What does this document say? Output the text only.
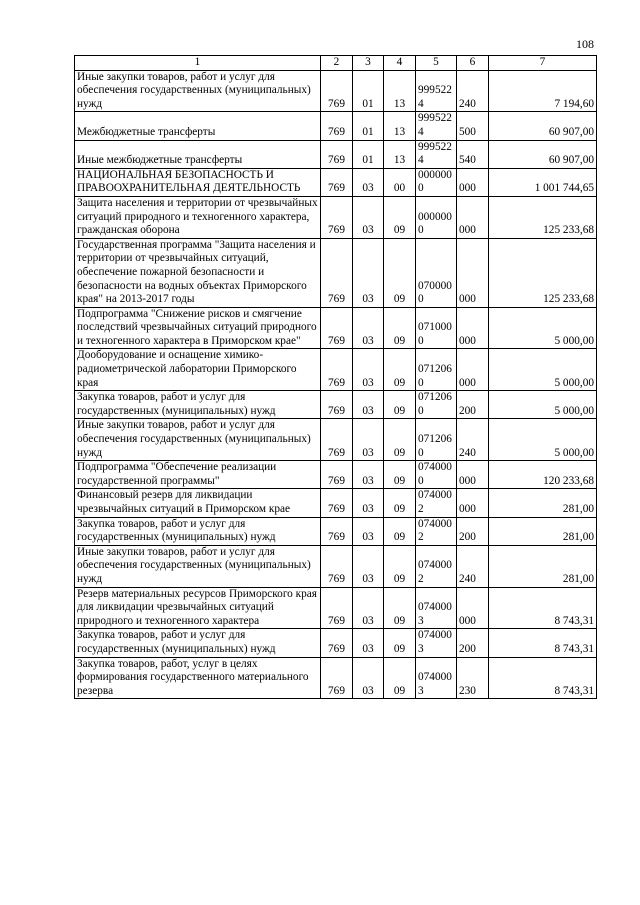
108
1	2	3	4	5	6	7
Иные закупки товаров, работ и услуг для обеспечения государственных (муниципальных) нужд	769	01	13	9995224	240	7 194,60
Межбюджетные трансферты	769	01	13	9995224	500	60 907,00
Иные межбюджетные трансферты	769	01	13	9995224	540	60 907,00
НАЦИОНАЛЬНАЯ БЕЗОПАСНОСТЬ И ПРАВООХРАНИТЕЛЬНАЯ ДЕЯТЕЛЬНОСТЬ	769	03	00	0000000	000	1 001 744,65
Защита населения и территории от чрезвычайных ситуаций природного и техногенного характера, гражданская оборона	769	03	09	0000000	000	125 233,68
Государственная программа "Защита населения и территории от чрезвычайных ситуаций, обеспечение пожарной безопасности и безопасности на водных объектах Приморского края" на 2013-2017 годы	769	03	09	0700000	000	125 233,68
Подпрограмма "Снижение рисков и смягчение последствий чрезвычайных ситуаций природного и техногенного характера в Приморском крае"	769	03	09	0710000	000	5 000,00
Дооборудование и оснащение химико-радиометрической лаборатории Приморского края	769	03	09	0712060	000	5 000,00
Закупка товаров, работ и услуг для государственных (муниципальных) нужд	769	03	09	0712060	200	5 000,00
Иные закупки товаров, работ и услуг для обеспечения государственных (муниципальных) нужд	769	03	09	0712060	240	5 000,00
Подпрограмма "Обеспечение реализации государственной программы"	769	03	09	0740000	000	120 233,68
Финансовый резерв для ликвидации чрезвычайных ситуаций в Приморском крае	769	03	09	0740002	000	281,00
Закупка товаров, работ и услуг для государственных (муниципальных) нужд	769	03	09	0740002	200	281,00
Иные закупки товаров, работ и услуг для обеспечения государственных (муниципальных) нужд	769	03	09	0740002	240	281,00
Резерв материальных ресурсов Приморского края для ликвидации чрезвычайных ситуаций природного и техногенного характера	769	03	09	0740003	000	8 743,31
Закупка товаров, работ и услуг для государственных (муниципальных) нужд	769	03	09	0740003	200	8 743,31
Закупка товаров, работ, услуг в целях формирования государственного материального резерва	769	03	09	0740003	230	8 743,31
